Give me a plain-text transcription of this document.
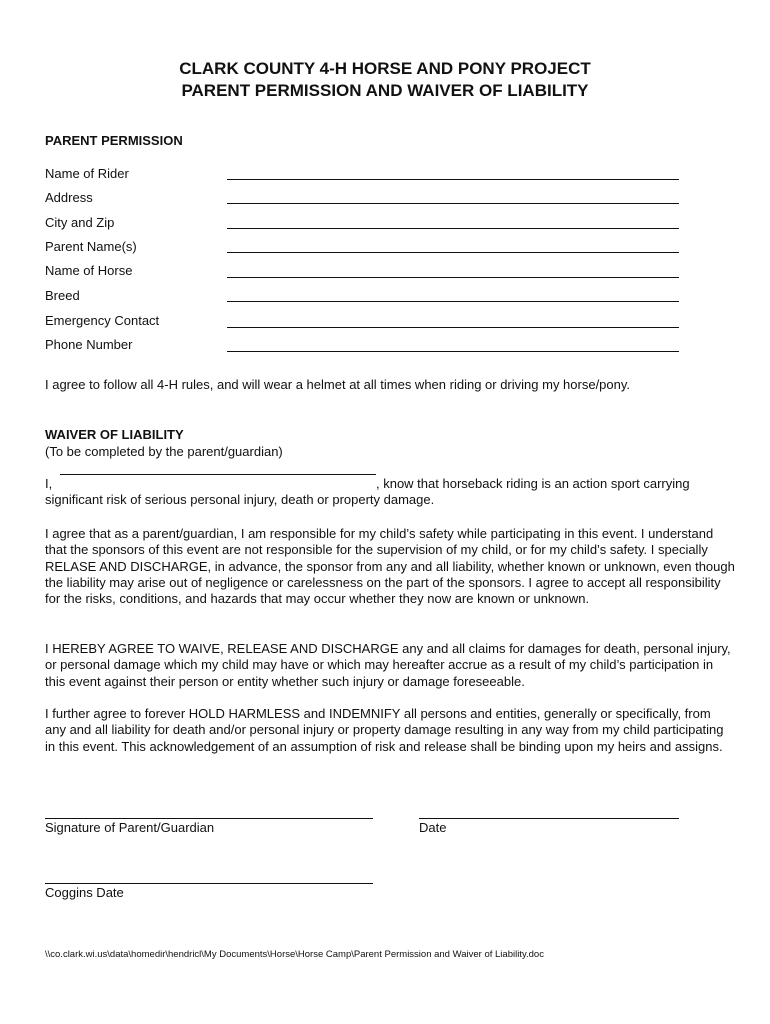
CLARK COUNTY 4-H HORSE AND PONY PROJECT
PARENT PERMISSION AND WAIVER OF LIABILITY
PARENT PERMISSION
Name of Rider
Address
City and Zip
Parent Name(s)
Name of Horse
Breed
Emergency Contact
Phone Number

I agree to follow all 4-H rules, and will wear a helmet at all times when riding or driving my horse/pony.

WAIVER OF LIABILITY
(To be completed by the parent/guardian)
I,	, know that horseback riding is an action sport carrying
significant risk of serious personal injury, death or property damage.

I agree that as a parent/guardian, I am responsible for my child’s safety while participating in this event. I understand that the sponsors of this event are not responsible for the supervision of my child, or for my child’s safety. I specially RELASE AND DISCHARGE, in advance, the sponsor from any and all liability, whether known or unknown, even though the liability may arise out of negligence or carelessness on the part of the sponsors. I agree to accept all responsibility for the risks, conditions, and hazards that may occur whether they now are known or unknown.

I HEREBY AGREE TO WAIVE, RELEASE AND DISCHARGE any and all claims for damages for death, personal injury, or personal damage which my child may have or which may hereafter accrue as a result of my child’s participation in this event against their person or entity whether such injury or damage foreseeable.

I further agree to forever HOLD HARMLESS and INDEMNIFY all persons and entities, generally or specifically, from any and all liability for death and/or personal injury or property damage resulting in any way from my child participating in this event. This acknowledgement of an assumption of risk and release shall be binding upon my heirs and assigns.

Signature of Parent/Guardian	Date
Coggins Date
\\co.clark.wi.us\data\homedir\hendricl\My Documents\Horse\Horse Camp\Parent Permission and Waiver of Liability.doc
